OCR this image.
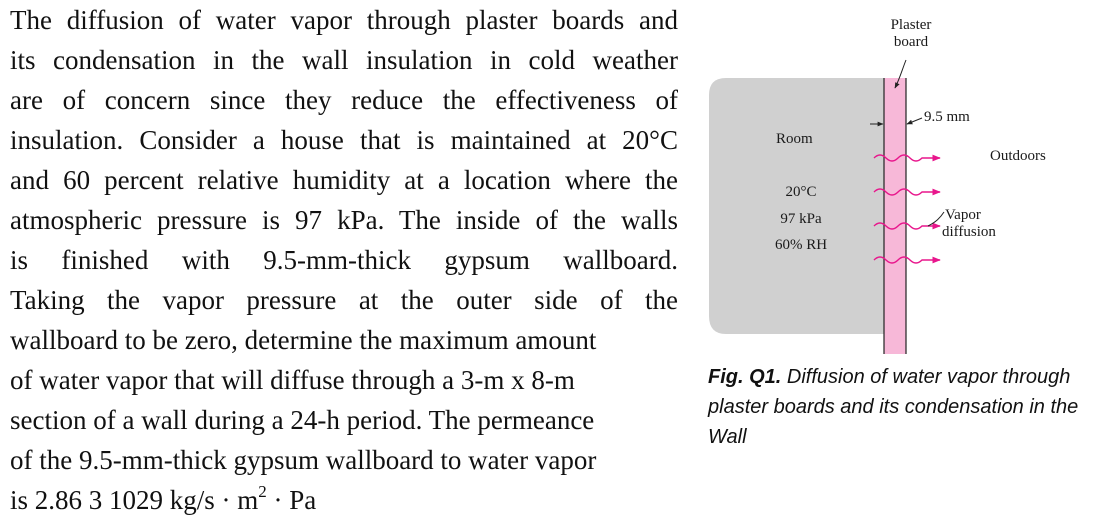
The diffusion of water vapor through plaster boards and
its condensation in the wall insulation in cold weather
are of concern since they reduce the effectiveness of
insulation. Consider a house that is maintained at 20°C
and 60 percent relative humidity at a location where the
atmospheric pressure is 97 kPa. The inside of the walls
is finished with 9.5-mm-thick gypsum wallboard.
Taking the vapor pressure at the outer side of the
wallboard to be zero, determine the maximum amount
of water vapor that will diffuse through a 3-m x 8-m
section of a wall during a 24-h period. The permeance
of the 9.5-mm-thick gypsum wallboard to water vapor
is 2.86 3 1029 $kg/s \cdot m^2 \cdot Pa$
Plaster
board
9.5 mm
Room
Outdoors
20°C
97 kPa
60% RH
Vapor
diffusion
Fig. Q1. Diffusion of water vapor through plaster boards and its condensation in the Wall
